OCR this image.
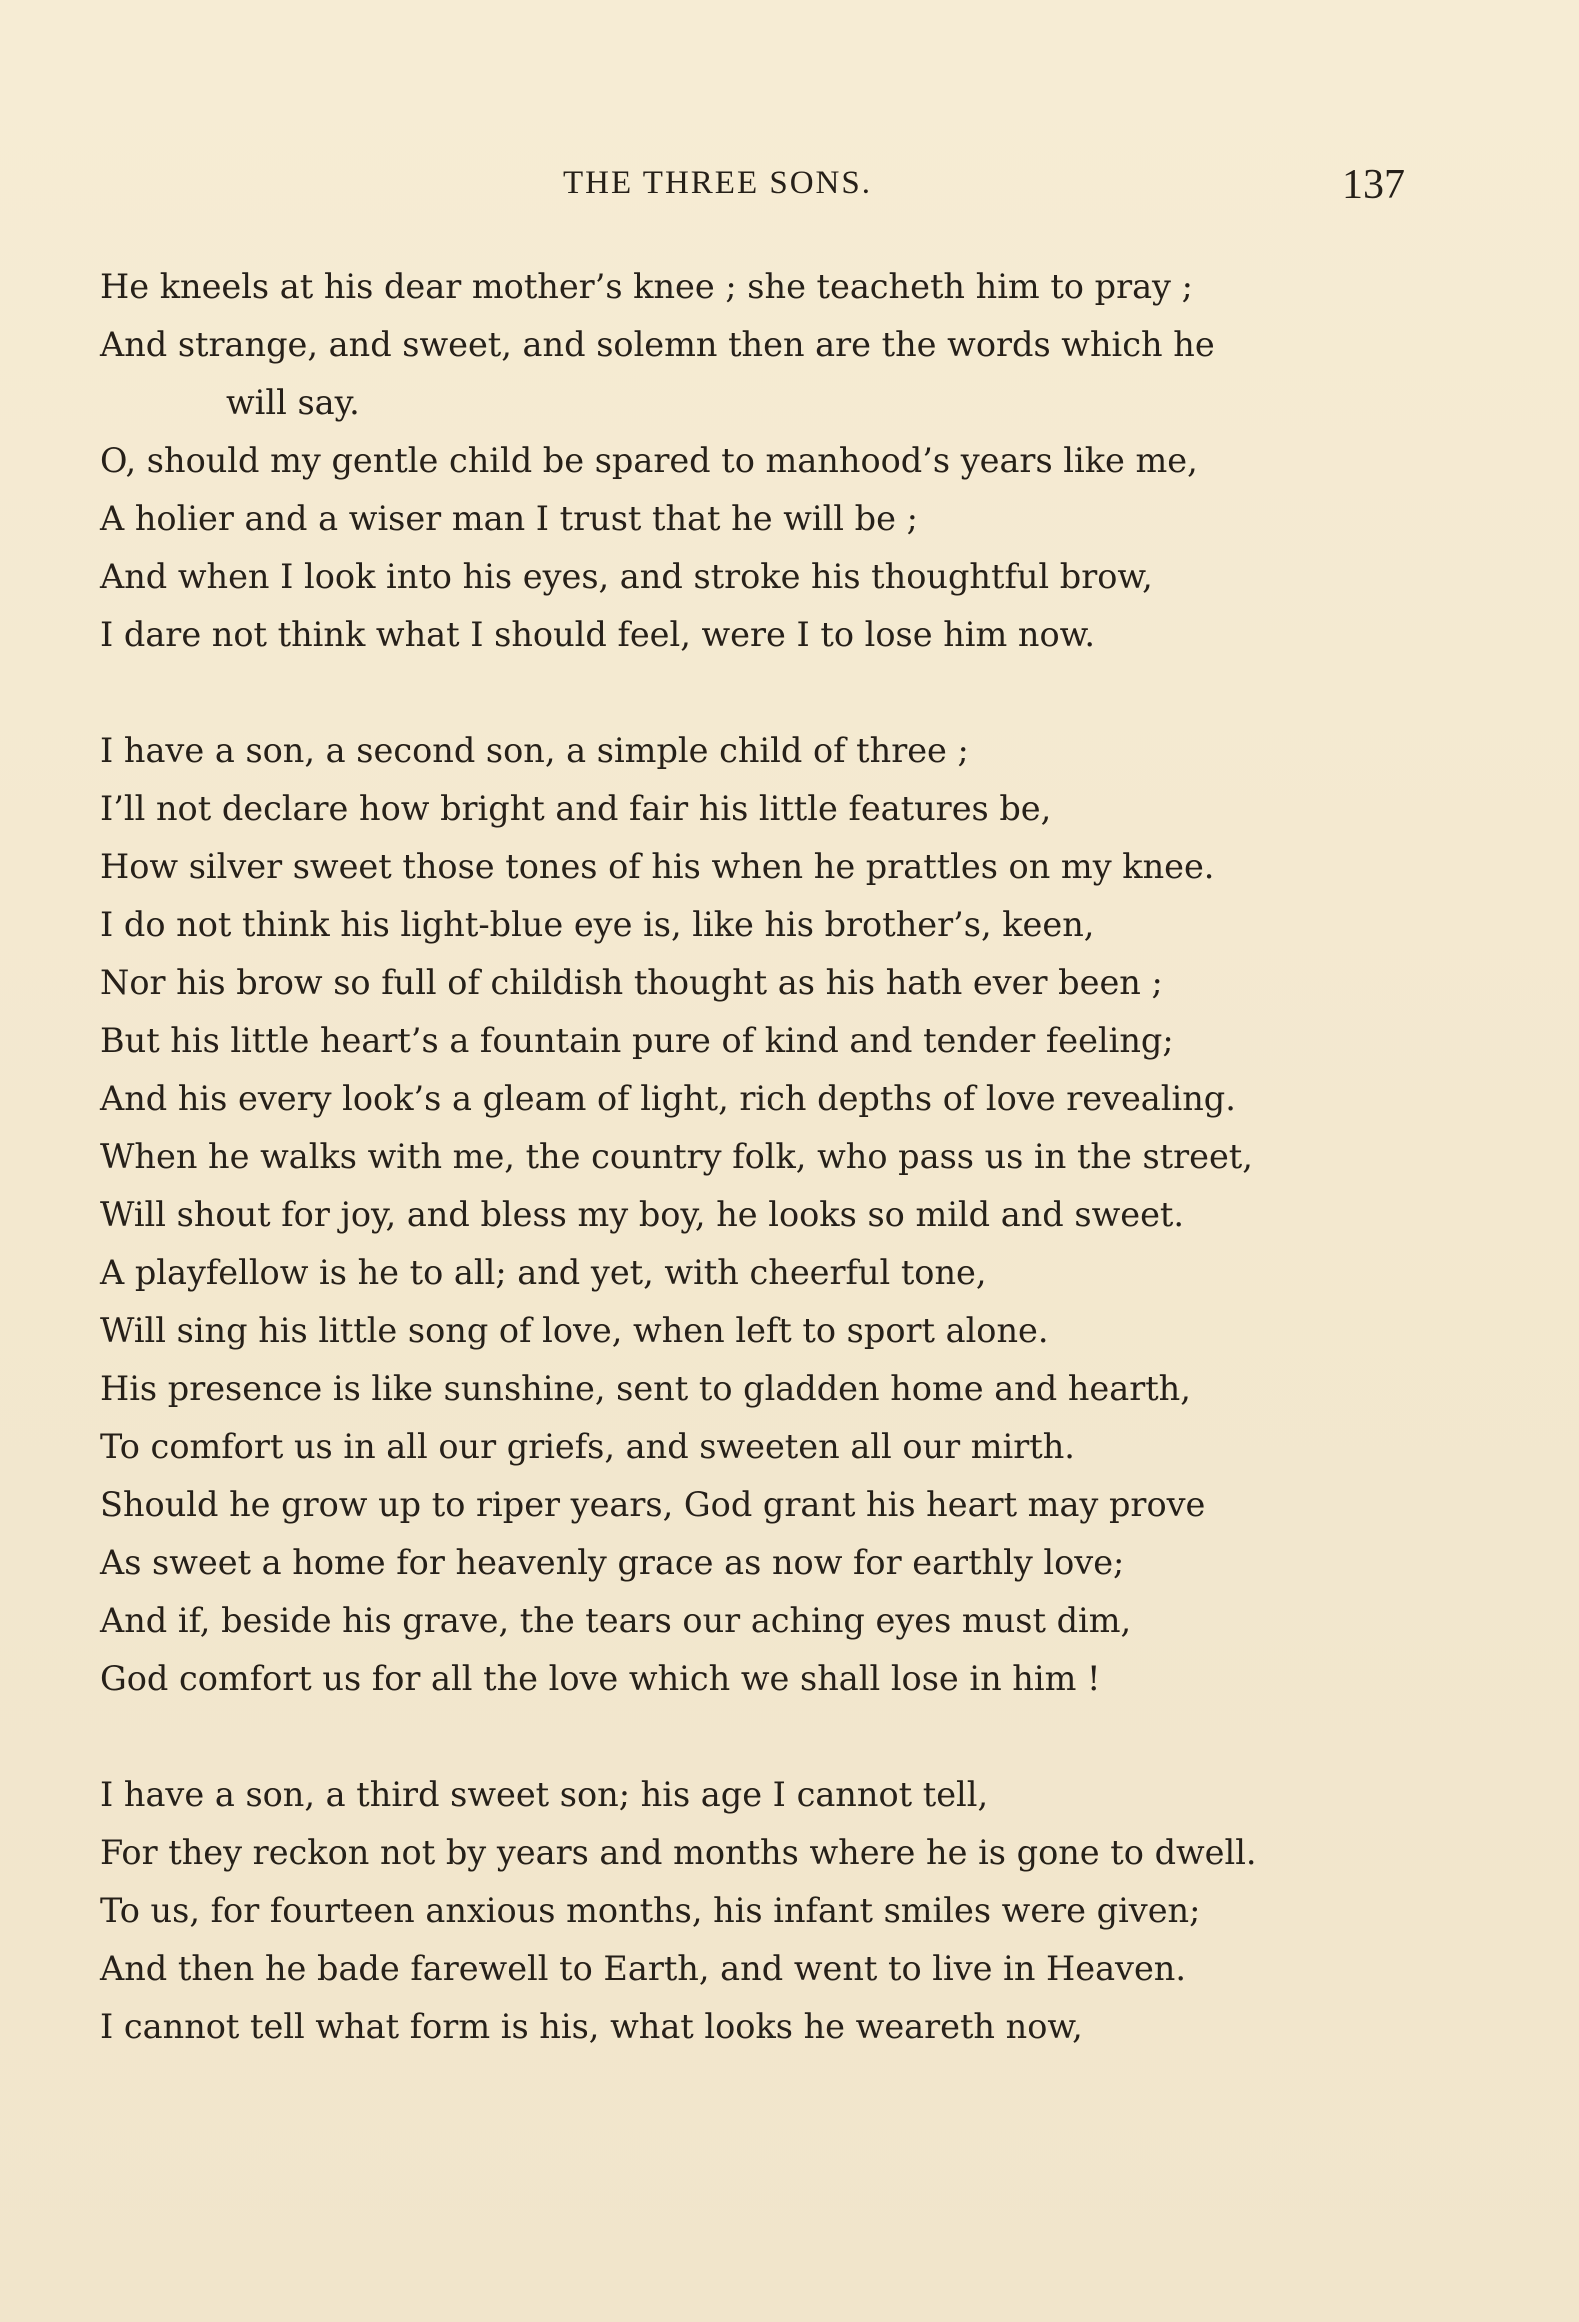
THE THREE SONS.	137
He kneels at his dear mother’s knee ; she teacheth him to pray ;
And strange, and sweet, and solemn then are the words which he
will say.
O, should my gentle child be spared to manhood’s years like me,
A holier and a wiser man I trust that he will be ;
And when I look into his eyes, and stroke his thoughtful brow,
I dare not think what I should feel, were I to lose him now.
I have a son, a second son, a simple child of three ;
I’ll not declare how bright and fair his little features be,
How silver sweet those tones of his when he prattles on my knee.
I do not think his light-blue eye is, like his brother’s, keen,
Nor his brow so full of childish thought as his hath ever been ;
But his little heart’s a fountain pure of kind and tender feeling;
And his every look’s a gleam of light, rich depths of love revealing.
When he walks with me, the country folk, who pass us in the street,
Will shout for joy, and bless my boy, he looks so mild and sweet.
A playfellow is he to all; and yet, with cheerful tone,
Will sing his little song of love, when left to sport alone.
His presence is like sunshine, sent to gladden home and hearth,
To comfort us in all our griefs, and sweeten all our mirth.
Should he grow up to riper years, God grant his heart may prove
As sweet a home for heavenly grace as now for earthly love;
And if, beside his grave, the tears our aching eyes must dim,
God comfort us for all the love which we shall lose in him !
I have a son, a third sweet son; his age I cannot tell,
For they reckon not by years and months where he is gone to dwell.
To us, for fourteen anxious months, his infant smiles were given;
And then he bade farewell to Earth, and went to live in Heaven.
I cannot tell what form is his, what looks he weareth now,
